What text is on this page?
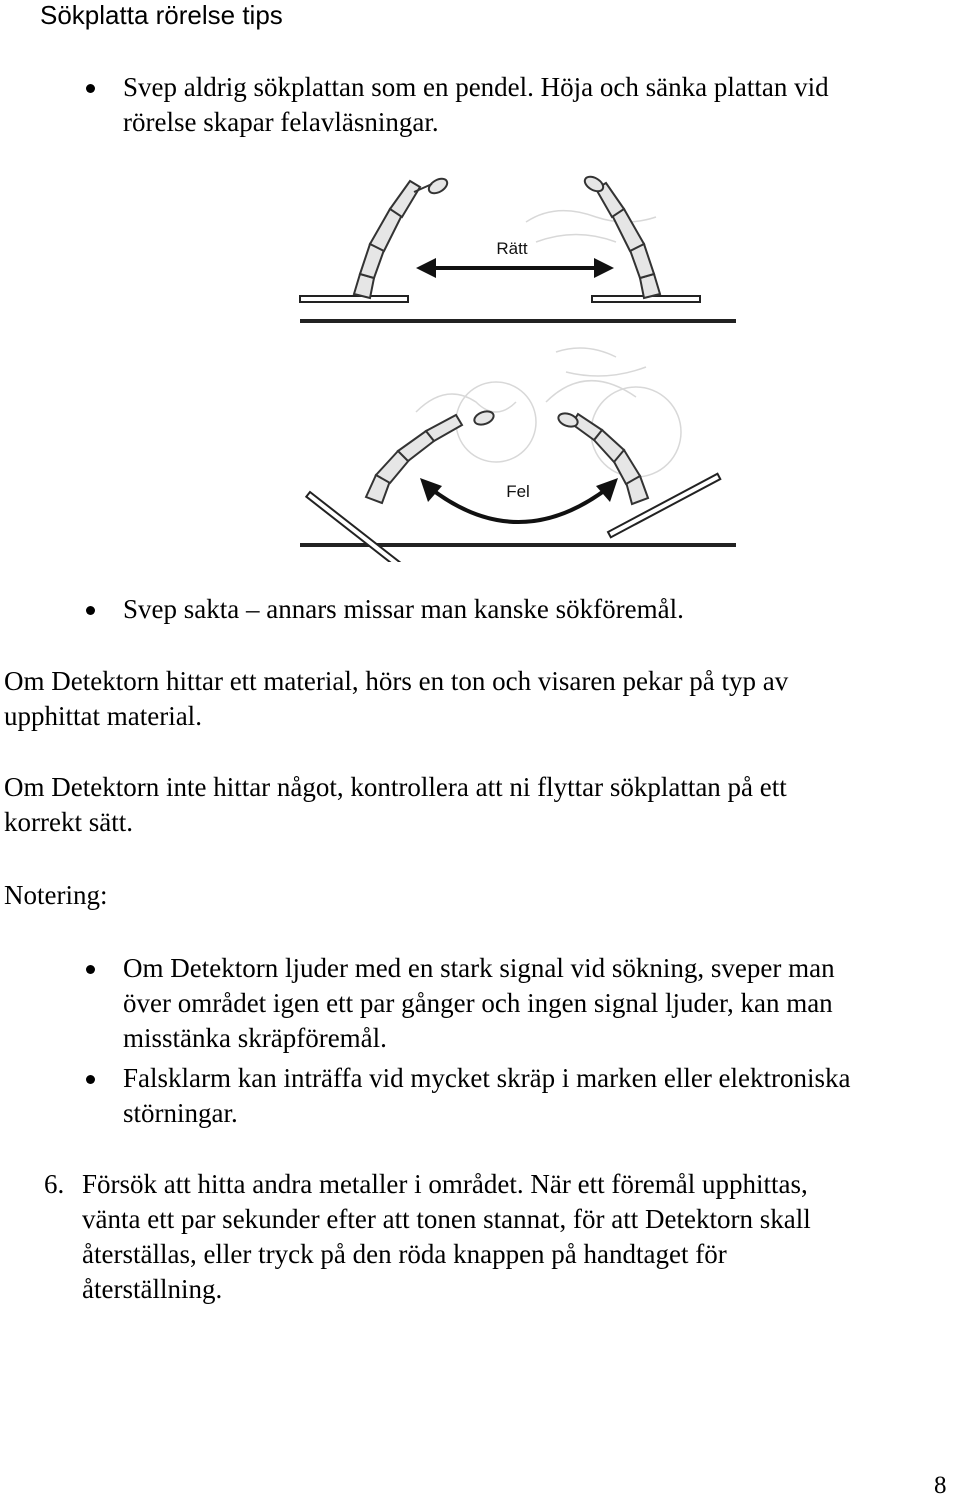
Sökplatta rörelse tips
Svep aldrig sökplattan som en pendel. Höja och sänka plattan vid
rörelse skapar felavläsningar.
Rätt
Fel
Svep sakta – annars missar man kanske sökföremål.
Om Detektorn hittar ett material, hörs en ton och visaren pekar på typ av
upphittat material.
Om Detektorn inte hittar något, kontrollera att ni flyttar sökplattan på ett
korrekt sätt.
Notering:
Om Detektorn ljuder med en stark signal vid sökning, sveper man
över området igen ett par gånger och ingen signal ljuder, kan man
misstänka skräpföremål.
Falsklarm kan inträffa vid mycket skräp i marken eller elektroniska
störningar.
6. Försök att hitta andra metaller i området. När ett föremål upphittas,
vänta ett par sekunder efter att tonen stannat, för att Detektorn skall
återställas, eller tryck på den röda knappen på handtaget för
återställning.
8
